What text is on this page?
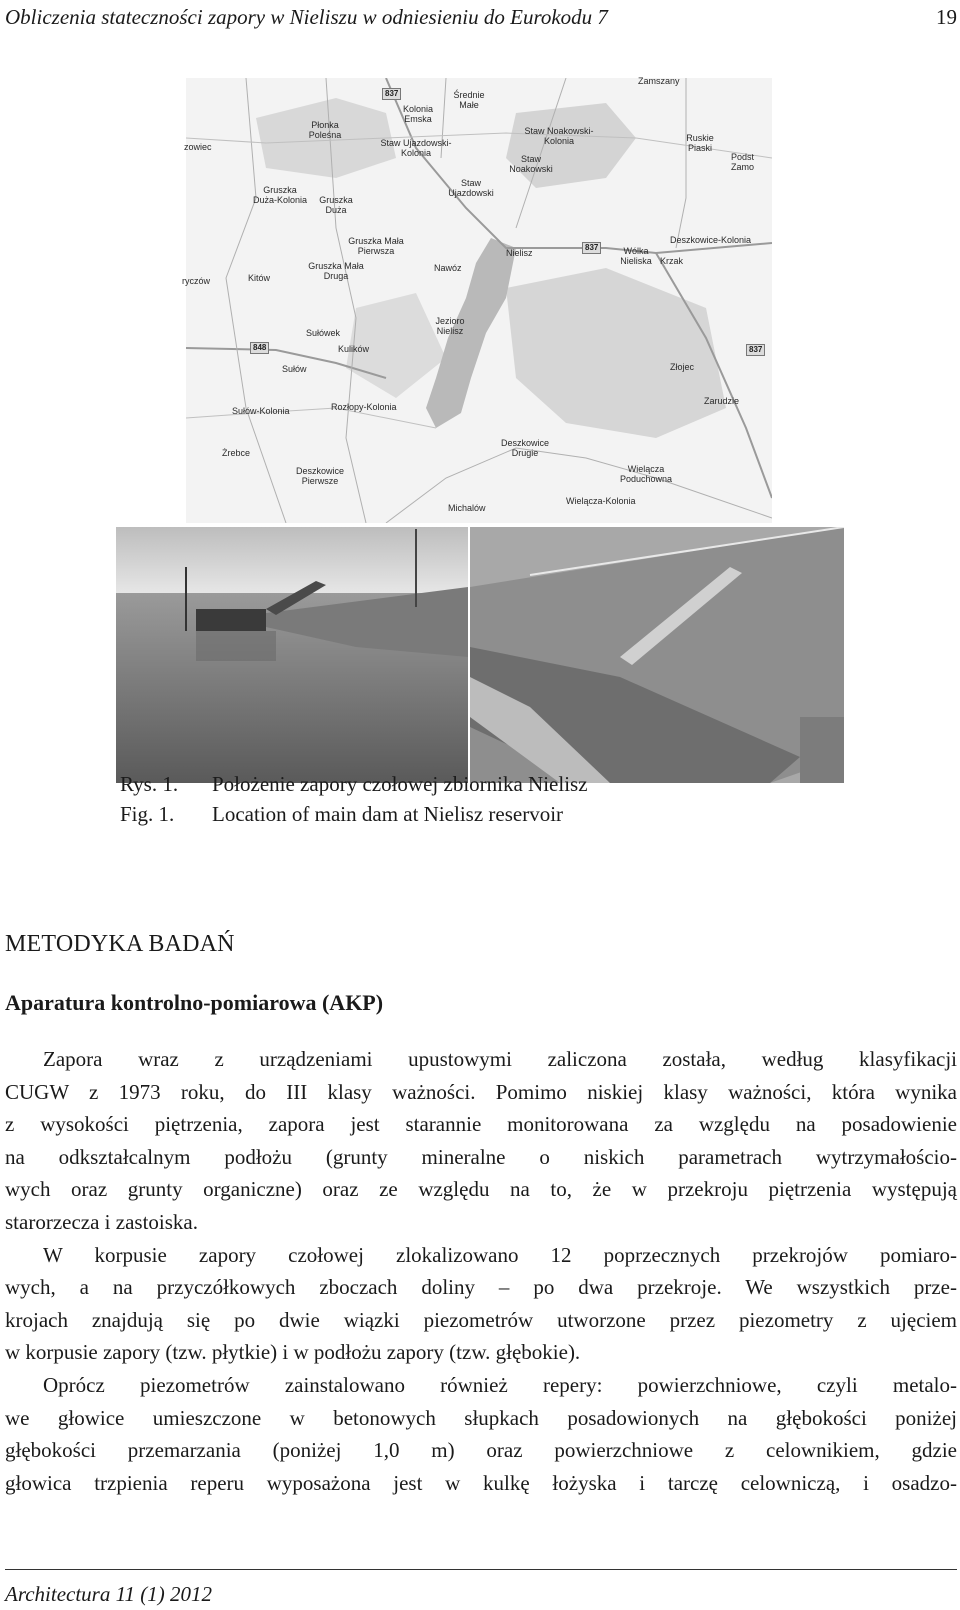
Obliczenia stateczności zapory w Nieliszu w odniesieniu do Eurokodu 7	19
Zamszany
Średnie Małe
Kolonia Emska
Płonka Poleśna
Staw Ujazdowski-Kolonia
Staw Noakowski-Kolonia
Staw Noakowski
Ruskie Piaski
Podst Zamo
zowiec
Gruszka Duża-Kolonia	Gruszka Duża
Staw Ujazdowski
Gruszka Mała Pierwsza	Nielisz	Wólka Nieliska Krzak
Deszkowice-Kolonia
Gruszka Mała Druga
Nawóz
ryczów	Kitów
Jezioro Nielisz
Sułówek
Kulików
Złojec
Sułów
Zarudzie
Sułów-Kolonia	Rozłopy-Kolonia
Deszkowice Drugie
Żrebce
Deszkowice Pierwsze
Wielącza Poduchowna
Michalów
Wielącza-Kolonia
837
837
848	837
Rys. 1. Położenie zapory czołowej zbiornika Nielisz
Fig. 1. Location of main dam at Nielisz reservoir
METODYKA BADAŃ
Aparatura kontrolno-pomiarowa (AKP)
Zapora wraz z urządzeniami upustowymi zaliczona została, według klasyfikacji
CUGW z 1973 roku, do III klasy ważności. Pomimo niskiej klasy ważności, która wynika
z wysokości piętrzenia, zapora jest starannie monitorowana za względu na posadowienie
na odkształcalnym podłożu (grunty mineralne o niskich parametrach wytrzymałościo-
wych oraz grunty organiczne) oraz ze względu na to, że w przekroju piętrzenia występują
starorzecza i zastoiska.
W korpusie zapory czołowej zlokalizowano 12 poprzecznych przekrojów pomiaro-
wych, a na przyczółkowych zboczach doliny – po dwa przekroje. We wszystkich prze-
krojach znajdują się po dwie wiązki piezometrów utworzone przez piezometry z ujęciem
w korpusie zapory (tzw. płytkie) i w podłożu zapory (tzw. głębokie).
Oprócz piezometrów zainstalowano również repery: powierzchniowe, czyli metalo-
we głowice umieszczone w betonowych słupkach posadowionych na głębokości poniżej
głębokości przemarzania (poniżej 1,0 m) oraz powierzchniowe z celownikiem, gdzie
głowica trzpienia reperu wyposażona jest w kulkę łożyska i tarczę celowniczą, i osadzo-
Architectura 11 (1) 2012
